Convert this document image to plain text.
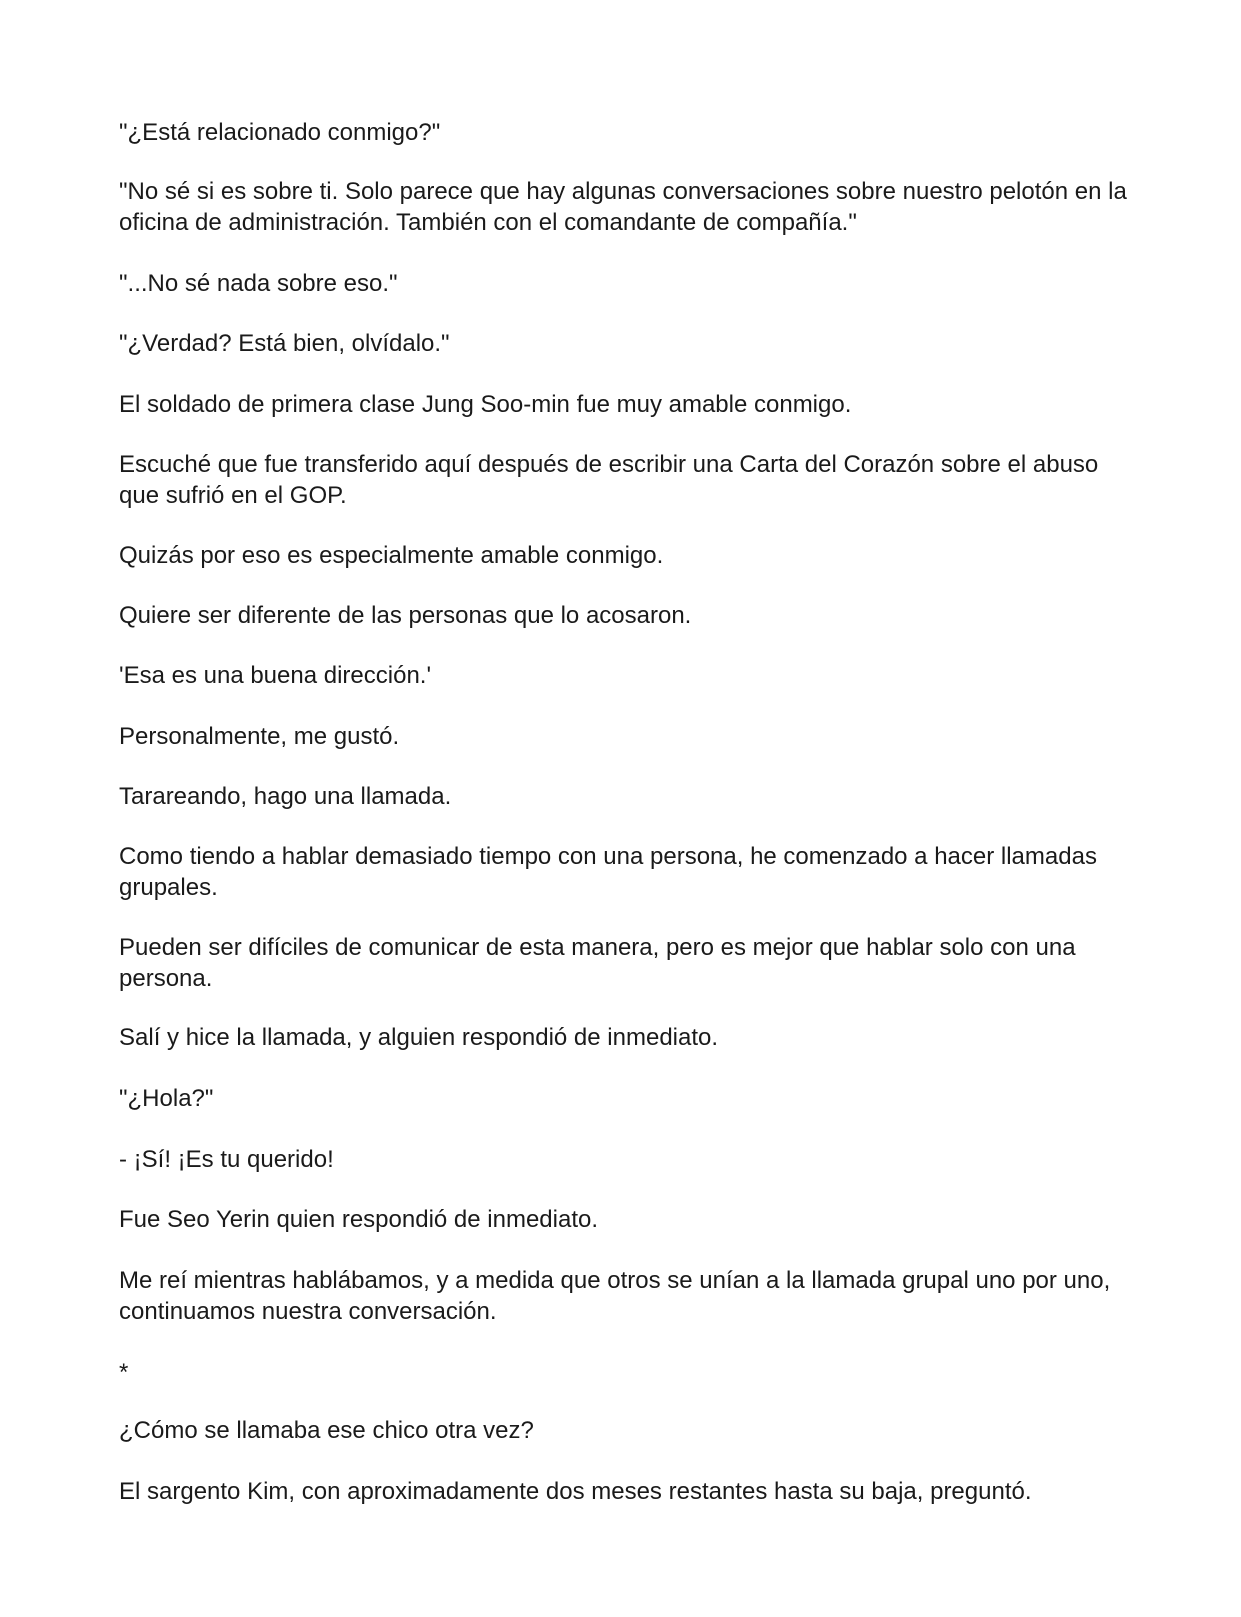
"¿Está relacionado conmigo?"

"No sé si es sobre ti. Solo parece que hay algunas conversaciones sobre nuestro pelotón en la oficina de administración. También con el comandante de compañía."

"...No sé nada sobre eso."

"¿Verdad? Está bien, olvídalo."

El soldado de primera clase Jung Soo-min fue muy amable conmigo.

Escuché que fue transferido aquí después de escribir una Carta del Corazón sobre el abuso que sufrió en el GOP.

Quizás por eso es especialmente amable conmigo.

Quiere ser diferente de las personas que lo acosaron.

'Esa es una buena dirección.'

Personalmente, me gustó.

Tarareando, hago una llamada.

Como tiendo a hablar demasiado tiempo con una persona, he comenzado a hacer llamadas grupales.

Pueden ser difíciles de comunicar de esta manera, pero es mejor que hablar solo con una persona.

Salí y hice la llamada, y alguien respondió de inmediato.

"¿Hola?"

- ¡Sí! ¡Es tu querido!

Fue Seo Yerin quien respondió de inmediato.

Me reí mientras hablábamos, y a medida que otros se unían a la llamada grupal uno por uno, continuamos nuestra conversación.

*

¿Cómo se llamaba ese chico otra vez?

El sargento Kim, con aproximadamente dos meses restantes hasta su baja, preguntó.
